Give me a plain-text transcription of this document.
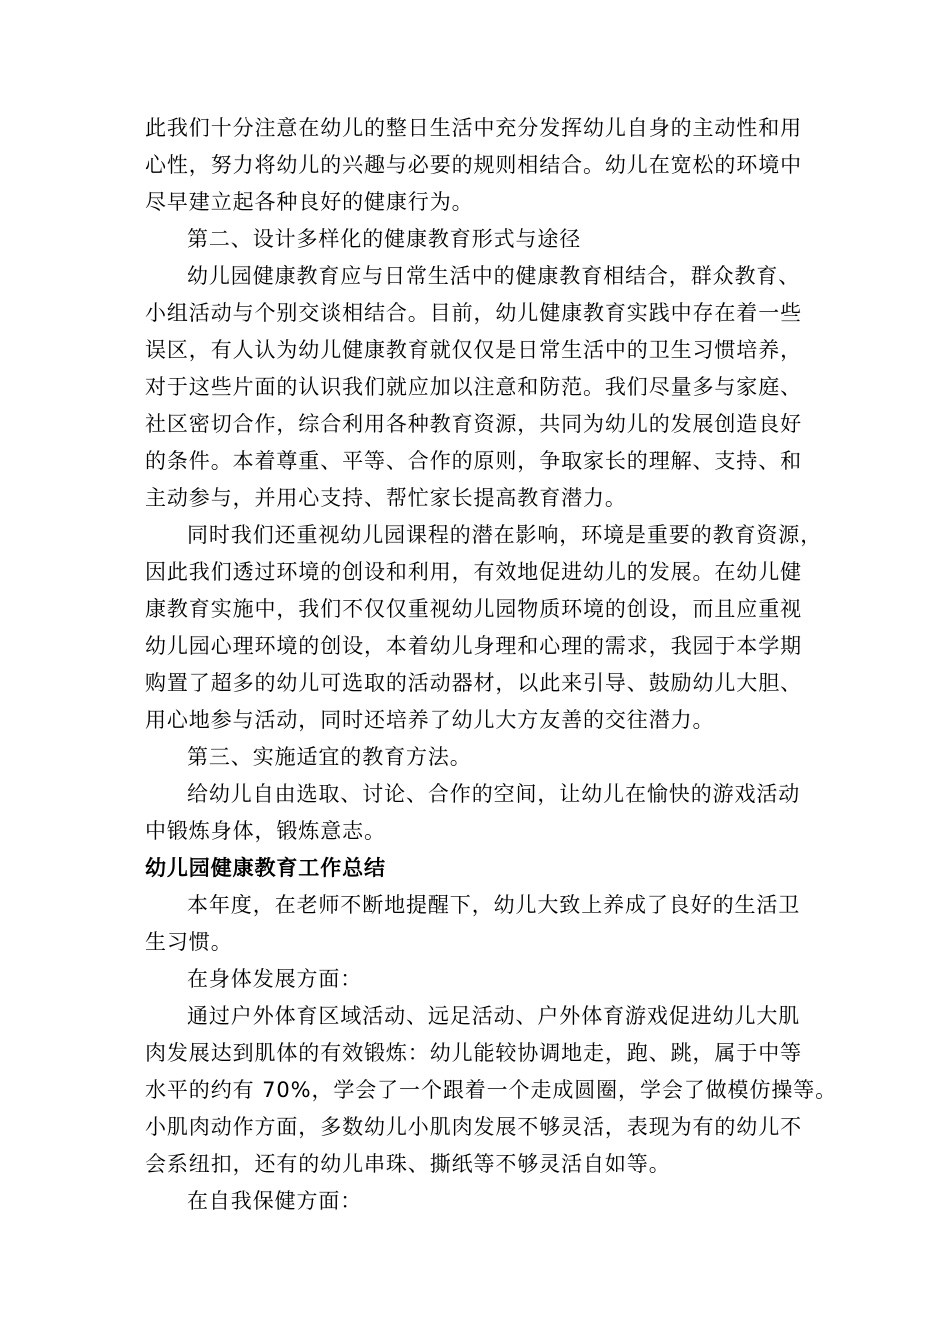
此我们十分注意在幼儿的整日生活中充分发挥幼儿自身的主动性和用
心性，努力将幼儿的兴趣与必要的规则相结合。幼儿在宽松的环境中
尽早建立起各种良好的健康行为。
第二、设计多样化的健康教育形式与途径
幼儿园健康教育应与日常生活中的健康教育相结合，群众教育、
小组活动与个别交谈相结合。目前，幼儿健康教育实践中存在着一些
误区，有人认为幼儿健康教育就仅仅是日常生活中的卫生习惯培养，
对于这些片面的认识我们就应加以注意和防范。我们尽量多与家庭、
社区密切合作，综合利用各种教育资源，共同为幼儿的发展创造良好
的条件。本着尊重、平等、合作的原则，争取家长的理解、支持、和
主动参与，并用心支持、帮忙家长提高教育潜力。
同时我们还重视幼儿园课程的潜在影响，环境是重要的教育资源，
因此我们透过环境的创设和利用，有效地促进幼儿的发展。在幼儿健
康教育实施中，我们不仅仅重视幼儿园物质环境的创设，而且应重视
幼儿园心理环境的创设，本着幼儿身理和心理的需求，我园于本学期
购置了超多的幼儿可选取的活动器材，以此来引导、鼓励幼儿大胆、
用心地参与活动，同时还培养了幼儿大方友善的交往潜力。
第三、实施适宜的教育方法。
给幼儿自由选取、讨论、合作的空间，让幼儿在愉快的游戏活动
中锻炼身体，锻炼意志。
幼儿园健康教育工作总结
本年度，在老师不断地提醒下，幼儿大致上养成了良好的生活卫
生习惯。
在身体发展方面：
通过户外体育区域活动、远足活动、户外体育游戏促进幼儿大肌
肉发展达到肌体的有效锻炼：幼儿能较协调地走，跑、跳，属于中等
水平的约有 70%，学会了一个跟着一个走成圆圈，学会了做模仿操等。
小肌肉动作方面，多数幼儿小肌肉发展不够灵活，表现为有的幼儿不
会系纽扣，还有的幼儿串珠、撕纸等不够灵活自如等。
在自我保健方面：
